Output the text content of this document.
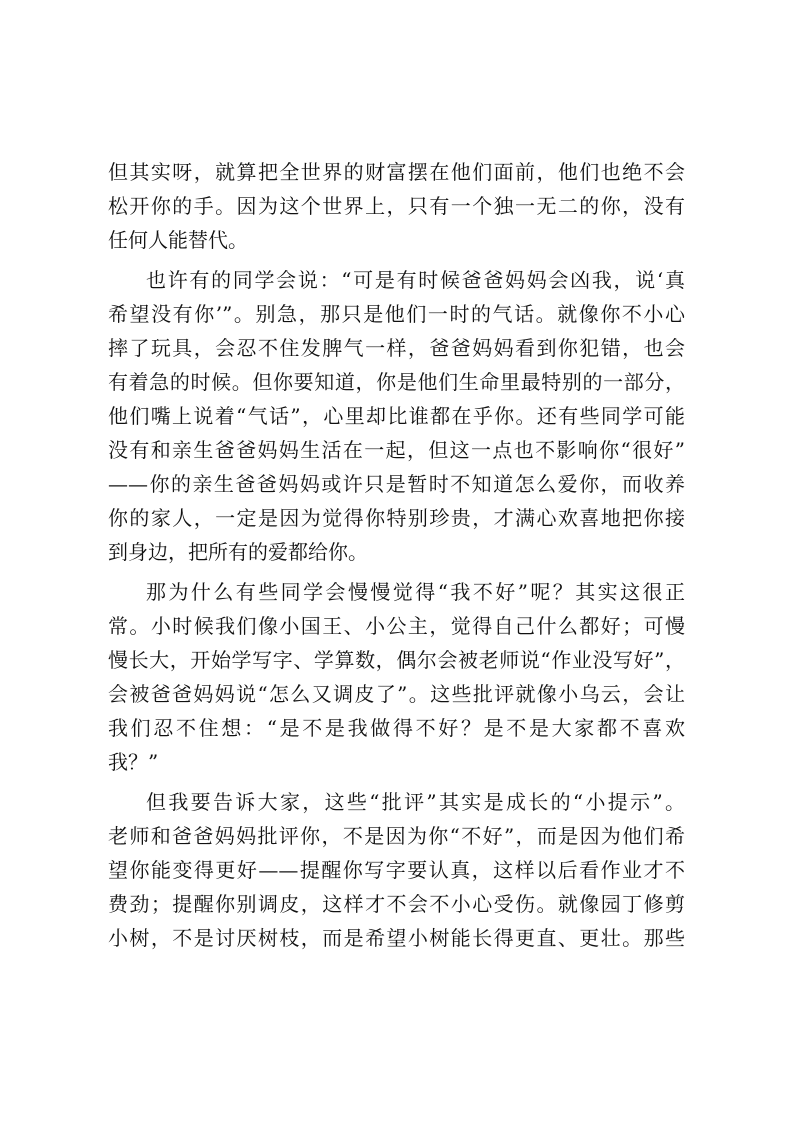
但其实呀，就算把全世界的财富摆在他们面前，他们也绝不会
松开你的手。因为这个世界上，只有一个独一无二的你，没有
任何人能替代。
也许有的同学会说：“可是有时候爸爸妈妈会凶我，说‘真
希望没有你’”。别急，那只是他们一时的气话。就像你不小心
摔了玩具，会忍不住发脾气一样，爸爸妈妈看到你犯错，也会
有着急的时候。但你要知道，你是他们生命里最特别的一部分，
他们嘴上说着“气话”，心里却比谁都在乎你。还有些同学可能
没有和亲生爸爸妈妈生活在一起，但这一点也不影响你“很好”
——你的亲生爸爸妈妈或许只是暂时不知道怎么爱你，而收养
你的家人，一定是因为觉得你特别珍贵，才满心欢喜地把你接
到身边，把所有的爱都给你。
那为什么有些同学会慢慢觉得“我不好”呢？其实这很正
常。小时候我们像小国王、小公主，觉得自己什么都好；可慢
慢长大，开始学写字、学算数，偶尔会被老师说“作业没写好”，
会被爸爸妈妈说“怎么又调皮了”。这些批评就像小乌云，会让
我们忍不住想：“是不是我做得不好？是不是大家都不喜欢
我？”
但我要告诉大家，这些“批评”其实是成长的“小提示”。
老师和爸爸妈妈批评你，不是因为你“不好”，而是因为他们希
望你能变得更好——提醒你写字要认真，这样以后看作业才不
费劲；提醒你别调皮，这样才不会不小心受伤。就像园丁修剪
小树，不是讨厌树枝，而是希望小树能长得更直、更壮。那些
